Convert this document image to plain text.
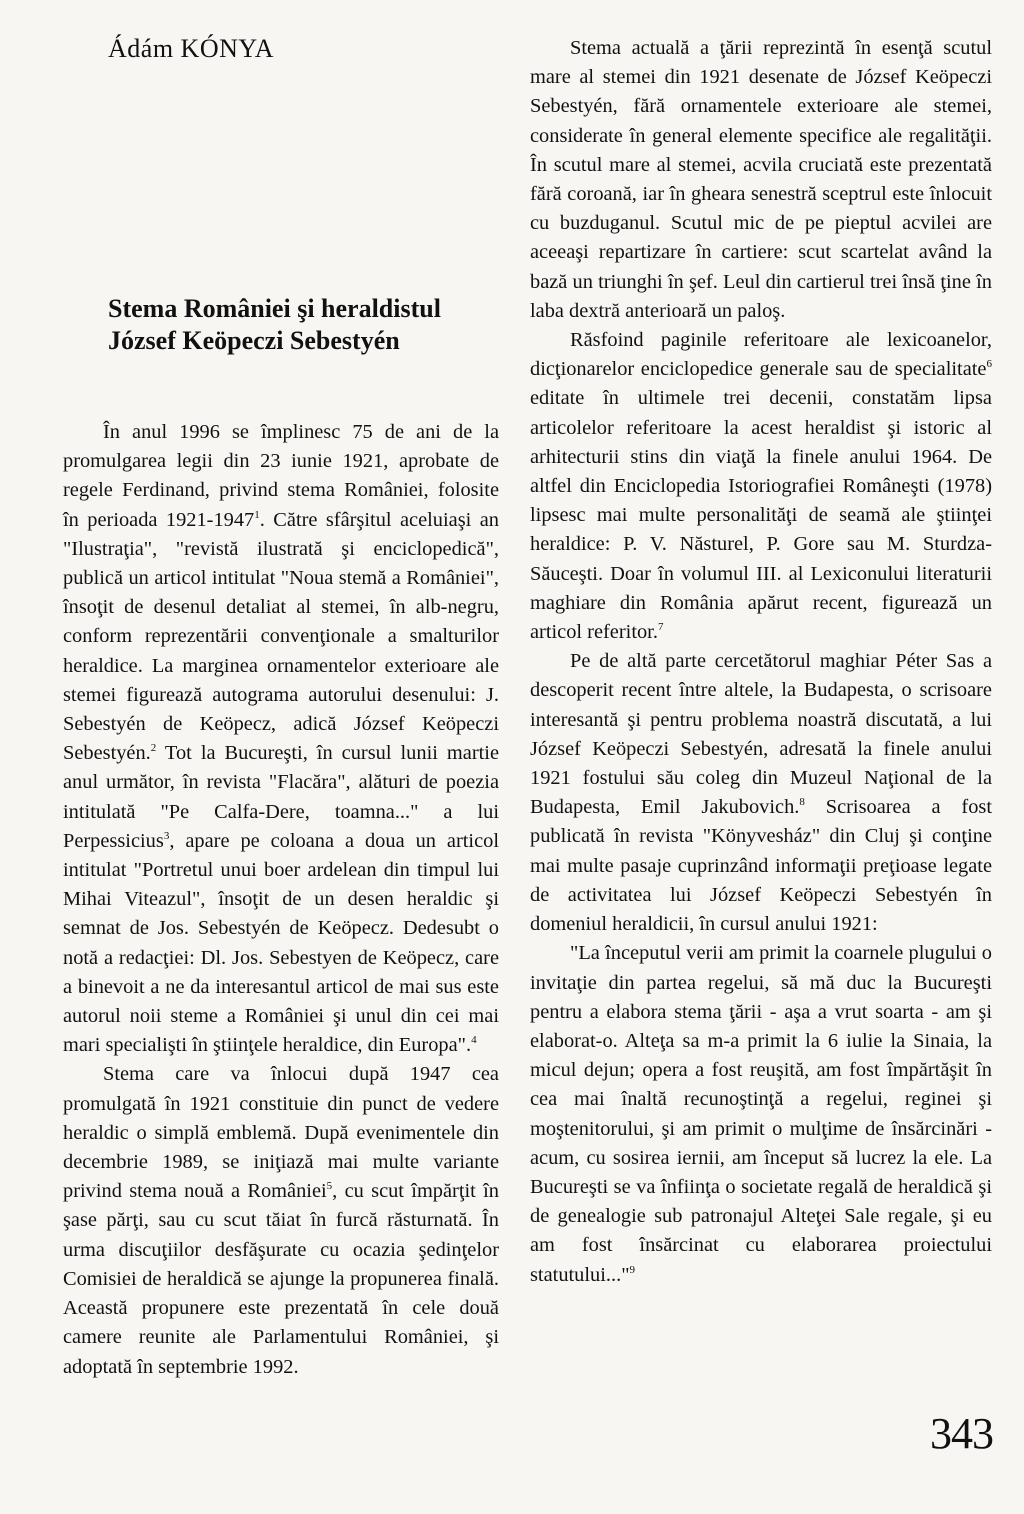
Ádám KÓNYA
Stema României şi heraldistul
József Keöpeczi Sebestyén

În anul 1996 se împlinesc 75 de ani de la promulgarea legii din 23 iunie 1921, aprobate de regele Ferdinand, privind stema României, folosite în perioada 1921-1947$^1$. Către sfârşitul aceluiaşi an "Ilustraţia", "revistă ilustrată şi enciclopedică", publică un articol intitulat "Noua stemă a României", însoţit de desenul detaliat al stemei, în alb-negru, conform reprezentării convenţionale a smalturilor heraldice. La marginea ornamentelor exterioare ale stemei figurează autograma autorului desenului: J. Sebestyén de Keöpecz, adică József Keöpeczi Sebestyén.$^2$ Tot la Bucureşti, în cursul lunii martie anul următor, în revista "Flacăra", alături de poezia intitulată "Pe Calfa-Dere, toamna..." a lui Perpessicius$^3$, apare pe coloana a doua un articol intitulat "Portretul unui boer ardelean din timpul lui Mihai Viteazul", însoţit de un desen heraldic şi semnat de Jos. Sebestyén de Keöpecz. Dedesubt o notă a redacţiei: Dl. Jos. Sebestyen de Keöpecz, care a binevoit a ne da interesantul articol de mai sus este autorul noii steme a României şi unul din cei mai mari specialişti în ştiinţele heraldice, din Europa".$^4$

Stema care va înlocui după 1947 cea promulgată în 1921 constituie din punct de vedere heraldic o simplă emblemă. După evenimentele din decembrie 1989, se iniţiază mai multe variante privind stema nouă a României$^5$, cu scut împărţit în şase părţi, sau cu scut tăiat în furcă răsturnată. În urma discuţiilor desfăşurate cu ocazia şedinţelor Comisiei de heraldică se ajunge la propunerea finală. Această propunere este prezentată în cele două camere reunite ale Parlamentului României, şi adoptată în septembrie 1992.

Stema actuală a ţării reprezintă în esenţă scutul mare al stemei din 1921 desenate de József Keöpeczi Sebestyén, fără ornamentele exterioare ale stemei, considerate în general elemente specifice ale regalităţii. În scutul mare al stemei, acvila cruciată este prezentată fără coroană, iar în gheara senestră sceptrul este înlocuit cu buzduganul. Scutul mic de pe pieptul acvilei are aceeaşi repartizare în cartiere: scut scartelat având la bază un triunghi în şef. Leul din cartierul trei însă ţine în laba dextră anterioară un paloş.

Răsfoind paginile referitoare ale lexicoanelor, dicţionarelor enciclopedice generale sau de specialitate$^6$ editate în ultimele trei decenii, constatăm lipsa articolelor referitoare la acest heraldist şi istoric al arhitecturii stins din viaţă la finele anului 1964. De altfel din Enciclopedia Istoriografiei Româneşti (1978) lipsesc mai multe personalităţi de seamă ale ştiinţei heraldice: P. V. Năsturel, P. Gore sau M. Sturdza-Săuceşti. Doar în volumul III. al Lexiconului literaturii maghiare din România apărut recent, figurează un articol referitor.$^7$

Pe de altă parte cercetătorul maghiar Péter Sas a descoperit recent între altele, la Budapesta, o scrisoare interesantă şi pentru problema noastră discutată, a lui József Keöpeczi Sebestyén, adresată la finele anului 1921 fostului său coleg din Muzeul Naţional de la Budapesta, Emil Jakubovich.$^8$ Scrisoarea a fost publicată în revista "Könyvesház" din Cluj şi conţine mai multe pasaje cuprinzând informaţii preţioase legate de activitatea lui József Keöpeczi Sebestyén în domeniul heraldicii, în cursul anului 1921:

"La începutul verii am primit la coarnele plugului o invitaţie din partea regelui, să mă duc la Bucureşti pentru a elabora stema ţării - aşa a vrut soarta - am şi elaborat-o. Alteţa sa m-a primit la 6 iulie la Sinaia, la micul dejun; opera a fost reuşită, am fost împărtăşit în cea mai înaltă recunoştinţă a regelui, reginei şi moştenitorului, şi am primit o mulţime de însărcinări - acum, cu sosirea iernii, am început să lucrez la ele. La Bucureşti se va înfiinţa o societate regală de heraldică şi de genealogie sub patronajul Alteţei Sale regale, şi eu am fost însărcinat cu elaborarea proiectului statutului..."$^9$

343
